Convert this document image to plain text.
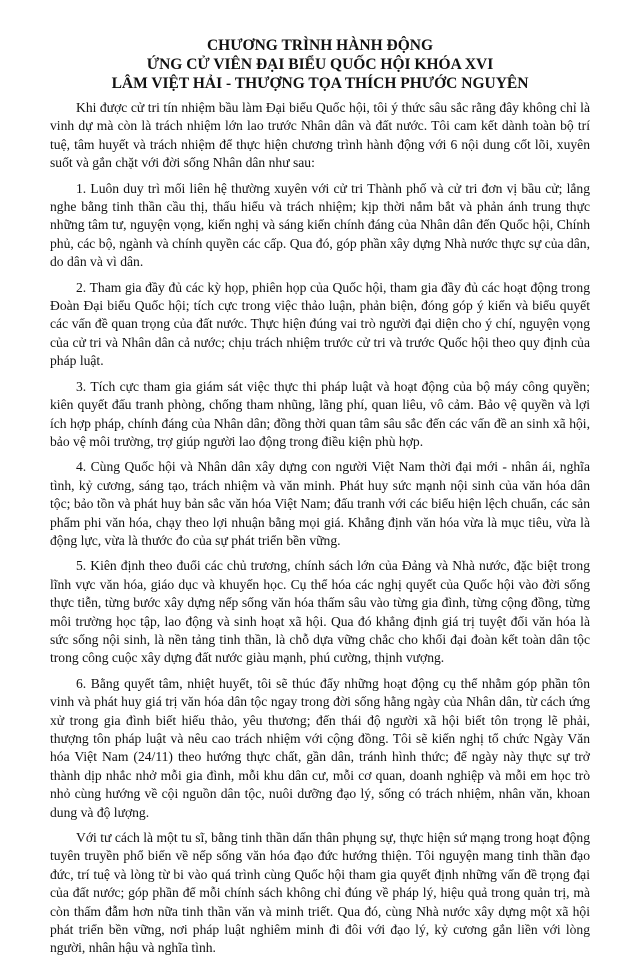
CHƯƠNG TRÌNH HÀNH ĐỘNG

ỨNG CỬ VIÊN ĐẠI BIỂU QUỐC HỘI KHÓA XVI

LÂM VIỆT HẢI - THƯỢNG TỌA THÍCH PHƯỚC NGUYÊN

Khi được cử tri tín nhiệm bầu làm Đại biểu Quốc hội, tôi ý thức sâu sắc rằng đây không chỉ là vinh dự mà còn là trách nhiệm lớn lao trước Nhân dân và đất nước. Tôi cam kết dành toàn bộ trí tuệ, tâm huyết và trách nhiệm để thực hiện chương trình hành động với 6 nội dung cốt lõi, xuyên suốt và gắn chặt với đời sống Nhân dân như sau:

1. Luôn duy trì mối liên hệ thường xuyên với cử tri Thành phố và cử tri đơn vị bầu cử; lắng nghe bằng tinh thần cầu thị, thấu hiểu và trách nhiệm; kịp thời nắm bắt và phản ánh trung thực những tâm tư, nguyện vọng, kiến nghị và sáng kiến chính đáng của Nhân dân đến Quốc hội, Chính phủ, các bộ, ngành và chính quyền các cấp. Qua đó, góp phần xây dựng Nhà nước thực sự của dân, do dân và vì dân.

2. Tham gia đầy đủ các kỳ họp, phiên họp của Quốc hội, tham gia đầy đủ các hoạt động trong Đoàn Đại biểu Quốc hội; tích cực trong việc thảo luận, phản biện, đóng góp ý kiến và biểu quyết các vấn đề quan trọng của đất nước. Thực hiện đúng vai trò người đại diện cho ý chí, nguyện vọng của cử tri và Nhân dân cả nước; chịu trách nhiệm trước cử tri và trước Quốc hội theo quy định của pháp luật.

3. Tích cực tham gia giám sát việc thực thi pháp luật và hoạt động của bộ máy công quyền; kiên quyết đấu tranh phòng, chống tham nhũng, lãng phí, quan liêu, vô cảm. Bảo vệ quyền và lợi ích hợp pháp, chính đáng của Nhân dân; đồng thời quan tâm sâu sắc đến các vấn đề an sinh xã hội, bảo vệ môi trường, trợ giúp người lao động trong điều kiện phù hợp.

4. Cùng Quốc hội và Nhân dân xây dựng con người Việt Nam thời đại mới - nhân ái, nghĩa tình, kỷ cương, sáng tạo, trách nhiệm và văn minh. Phát huy sức mạnh nội sinh của văn hóa dân tộc; bảo tồn và phát huy bản sắc văn hóa Việt Nam; đấu tranh với các biểu hiện lệch chuẩn, các sản phẩm phi văn hóa, chạy theo lợi nhuận bằng mọi giá. Khẳng định văn hóa vừa là mục tiêu, vừa là động lực, vừa là thước đo của sự phát triển bền vững.

5. Kiên định theo đuổi các chủ trương, chính sách lớn của Đảng và Nhà nước, đặc biệt trong lĩnh vực văn hóa, giáo dục và khuyến học. Cụ thể hóa các nghị quyết của Quốc hội vào đời sống thực tiễn, từng bước xây dựng nếp sống văn hóa thấm sâu vào từng gia đình, từng cộng đồng, từng môi trường học tập, lao động và sinh hoạt xã hội. Qua đó khẳng định giá trị tuyệt đối văn hóa là sức sống nội sinh, là nền tảng tinh thần, là chỗ dựa vững chắc cho khối đại đoàn kết toàn dân tộc trong công cuộc xây dựng đất nước giàu mạnh, phú cường, thịnh vượng.

6. Bằng quyết tâm, nhiệt huyết, tôi sẽ thúc đẩy những hoạt động cụ thể nhằm góp phần tôn vinh và phát huy giá trị văn hóa dân tộc ngay trong đời sống hằng ngày của Nhân dân, từ cách ứng xử trong gia đình biết hiếu thảo, yêu thương; đến thái độ người xã hội biết tôn trọng lẽ phải, thượng tôn pháp luật và nêu cao trách nhiệm với cộng đồng. Tôi sẽ kiến nghị tổ chức Ngày Văn hóa Việt Nam (24/11) theo hướng thực chất, gần dân, tránh hình thức; để ngày này thực sự trở thành dịp nhắc nhở mỗi gia đình, mỗi khu dân cư, mỗi cơ quan, doanh nghiệp và mỗi em học trò nhỏ cùng hướng về cội nguồn dân tộc, nuôi dưỡng đạo lý, sống có trách nhiệm, nhân văn, khoan dung và độ lượng.

Với tư cách là một tu sĩ, bằng tinh thần dấn thân phụng sự, thực hiện sứ mạng trong hoạt động tuyên truyền phổ biến về nếp sống văn hóa đạo đức hướng thiện. Tôi nguyện mang tinh thần đạo đức, trí tuệ và lòng từ bi vào quá trình cùng Quốc hội tham gia quyết định những vấn đề trọng đại của đất nước; góp phần để mỗi chính sách không chỉ đúng về pháp lý, hiệu quả trong quản trị, mà còn thấm đẫm hơn nữa tinh thần văn và minh triết. Qua đó, cùng Nhà nước xây dựng một xã hội phát triển bền vững, nơi pháp luật nghiêm minh đi đôi với đạo lý, kỷ cương gắn liền với lòng người, nhân hậu và nghĩa tình.
